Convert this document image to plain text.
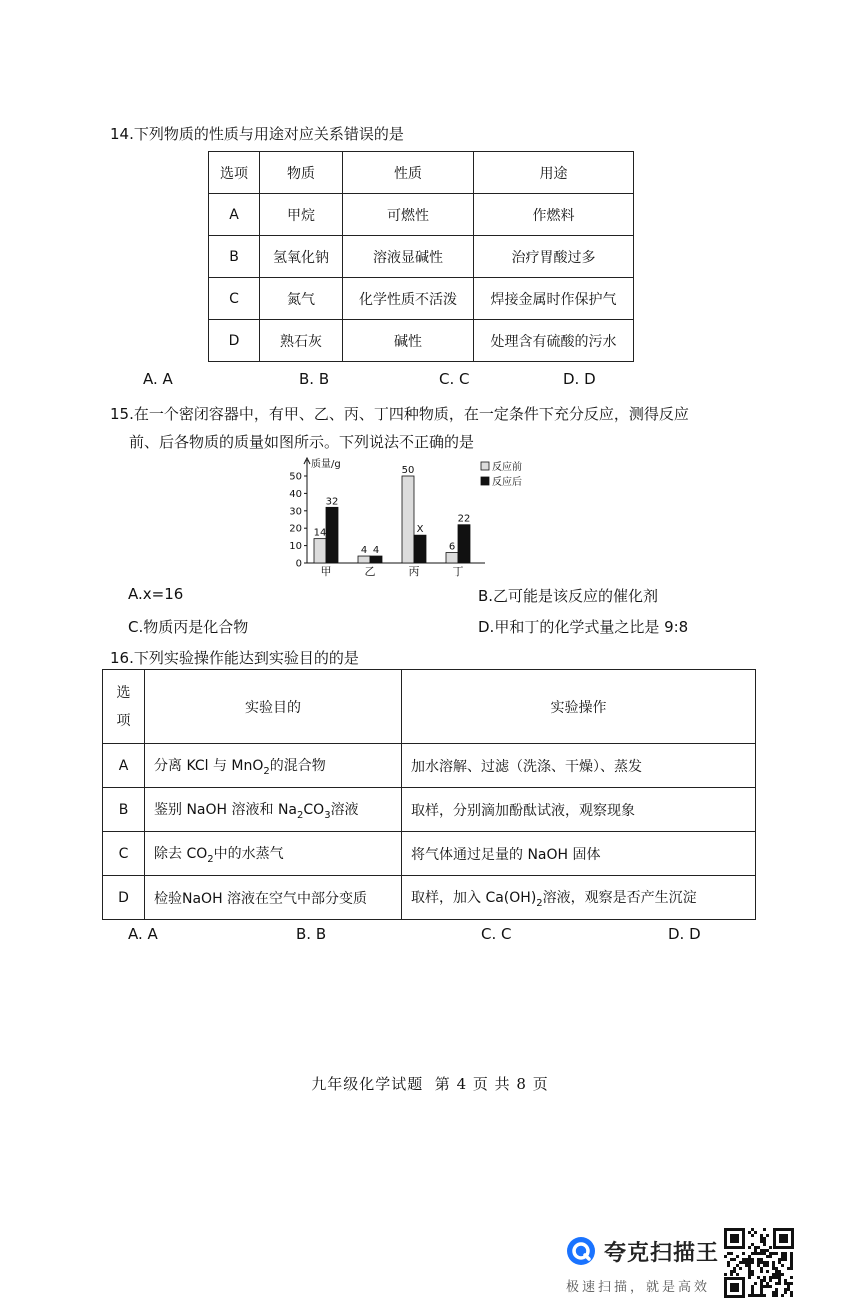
14.下列物质的性质与用途对应关系错误的是
选项	物质	性质	用途
A	甲烷	可燃性	作燃料
B	氢氧化钠	溶液显碱性	治疗胃酸过多
C	氮气	化学性质不活泼	焊接金属时作保护气
D	熟石灰	碱性	处理含有硫酸的污水
A. A	B. B	C. C	D. D
15.在一个密闭容器中，有甲、乙、丙、丁四种物质，在一定条件下充分反应，测得反应
前、后各物质的质量如图所示。下列说法不正确的是
质量/g
0
10
20
30
40
50
14
32
甲
4 4
乙
50
X
丙
6
22
丁
反应前
反应后
A.x=16	B.乙可能是该反应的催化剂
C.物质丙是化合物	D.甲和丁的化学式量之比是 9:8
16.下列实验操作能达到实验目的的是
选
项	实验目的	实验操作
A	分离 KCl 与 MnO$_2$的混合物	加水溶解、过滤（洗涤、干燥）、蒸发
B	鉴别 NaOH 溶液和 $Na_2CO_3$溶液	取样，分别滴加酚酞试液，观察现象
C	除去 $CO_2$中的水蒸气	将气体通过足量的 NaOH 固体
D	检验NaOH 溶液在空气中部分变质	取样，加入 $Ca(OH)_2$溶液，观察是否产生沉淀
A. A	B. B	C. C	D. D
九年级化学试题  第 4 页 共 8 页
夸克扫描王
极速扫描，就是高效
